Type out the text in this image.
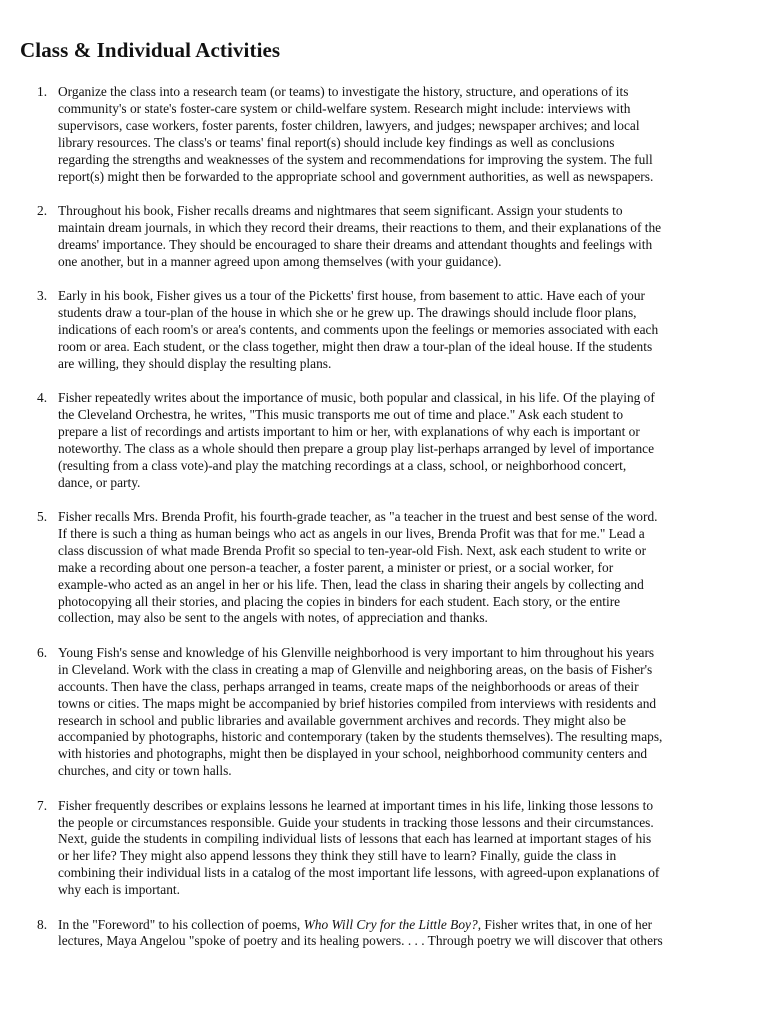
Class & Individual Activities
1. Organize the class into a research team (or teams) to investigate the history, structure, and operations of its
community's or state's foster-care system or child-welfare system. Research might include: interviews with
supervisors, case workers, foster parents, foster children, lawyers, and judges; newspaper archives; and local
library resources. The class's or teams' final report(s) should include key findings as well as conclusions
regarding the strengths and weaknesses of the system and recommendations for improving the system. The full
report(s) might then be forwarded to the appropriate school and government authorities, as well as newspapers.
2. Throughout his book, Fisher recalls dreams and nightmares that seem significant. Assign your students to
maintain dream journals, in which they record their dreams, their reactions to them, and their explanations of the
dreams' importance. They should be encouraged to share their dreams and attendant thoughts and feelings with
one another, but in a manner agreed upon among themselves (with your guidance).
3. Early in his book, Fisher gives us a tour of the Picketts' first house, from basement to attic. Have each of your
students draw a tour-plan of the house in which she or he grew up. The drawings should include floor plans,
indications of each room's or area's contents, and comments upon the feelings or memories associated with each
room or area. Each student, or the class together, might then draw a tour-plan of the ideal house. If the students
are willing, they should display the resulting plans.
4. Fisher repeatedly writes about the importance of music, both popular and classical, in his life. Of the playing of
the Cleveland Orchestra, he writes, "This music transports me out of time and place." Ask each student to
prepare a list of recordings and artists important to him or her, with explanations of why each is important or
noteworthy. The class as a whole should then prepare a group play list-perhaps arranged by level of importance
(resulting from a class vote)-and play the matching recordings at a class, school, or neighborhood concert,
dance, or party.
5. Fisher recalls Mrs. Brenda Profit, his fourth-grade teacher, as "a teacher in the truest and best sense of the word.
If there is such a thing as human beings who act as angels in our lives, Brenda Profit was that for me." Lead a
class discussion of what made Brenda Profit so special to ten-year-old Fish. Next, ask each student to write or
make a recording about one person-a teacher, a foster parent, a minister or priest, or a social worker, for
example-who acted as an angel in her or his life. Then, lead the class in sharing their angels by collecting and
photocopying all their stories, and placing the copies in binders for each student. Each story, or the entire
collection, may also be sent to the angels with notes, of appreciation and thanks.
6. Young Fish's sense and knowledge of his Glenville neighborhood is very important to him throughout his years
in Cleveland. Work with the class in creating a map of Glenville and neighboring areas, on the basis of Fisher's
accounts. Then have the class, perhaps arranged in teams, create maps of the neighborhoods or areas of their
towns or cities. The maps might be accompanied by brief histories compiled from interviews with residents and
research in school and public libraries and available government archives and records. They might also be
accompanied by photographs, historic and contemporary (taken by the students themselves). The resulting maps,
with histories and photographs, might then be displayed in your school, neighborhood community centers and
churches, and city or town halls.
7. Fisher frequently describes or explains lessons he learned at important times in his life, linking those lessons to
the people or circumstances responsible. Guide your students in tracking those lessons and their circumstances.
Next, guide the students in compiling individual lists of lessons that each has learned at important stages of his
or her life? They might also append lessons they think they still have to learn? Finally, guide the class in
combining their individual lists in a catalog of the most important life lessons, with agreed-upon explanations of
why each is important.
8. In the "Foreword" to his collection of poems, Who Will Cry for the Little Boy?, Fisher writes that, in one of her
lectures, Maya Angelou "spoke of poetry and its healing powers. . . . Through poetry we will discover that others
